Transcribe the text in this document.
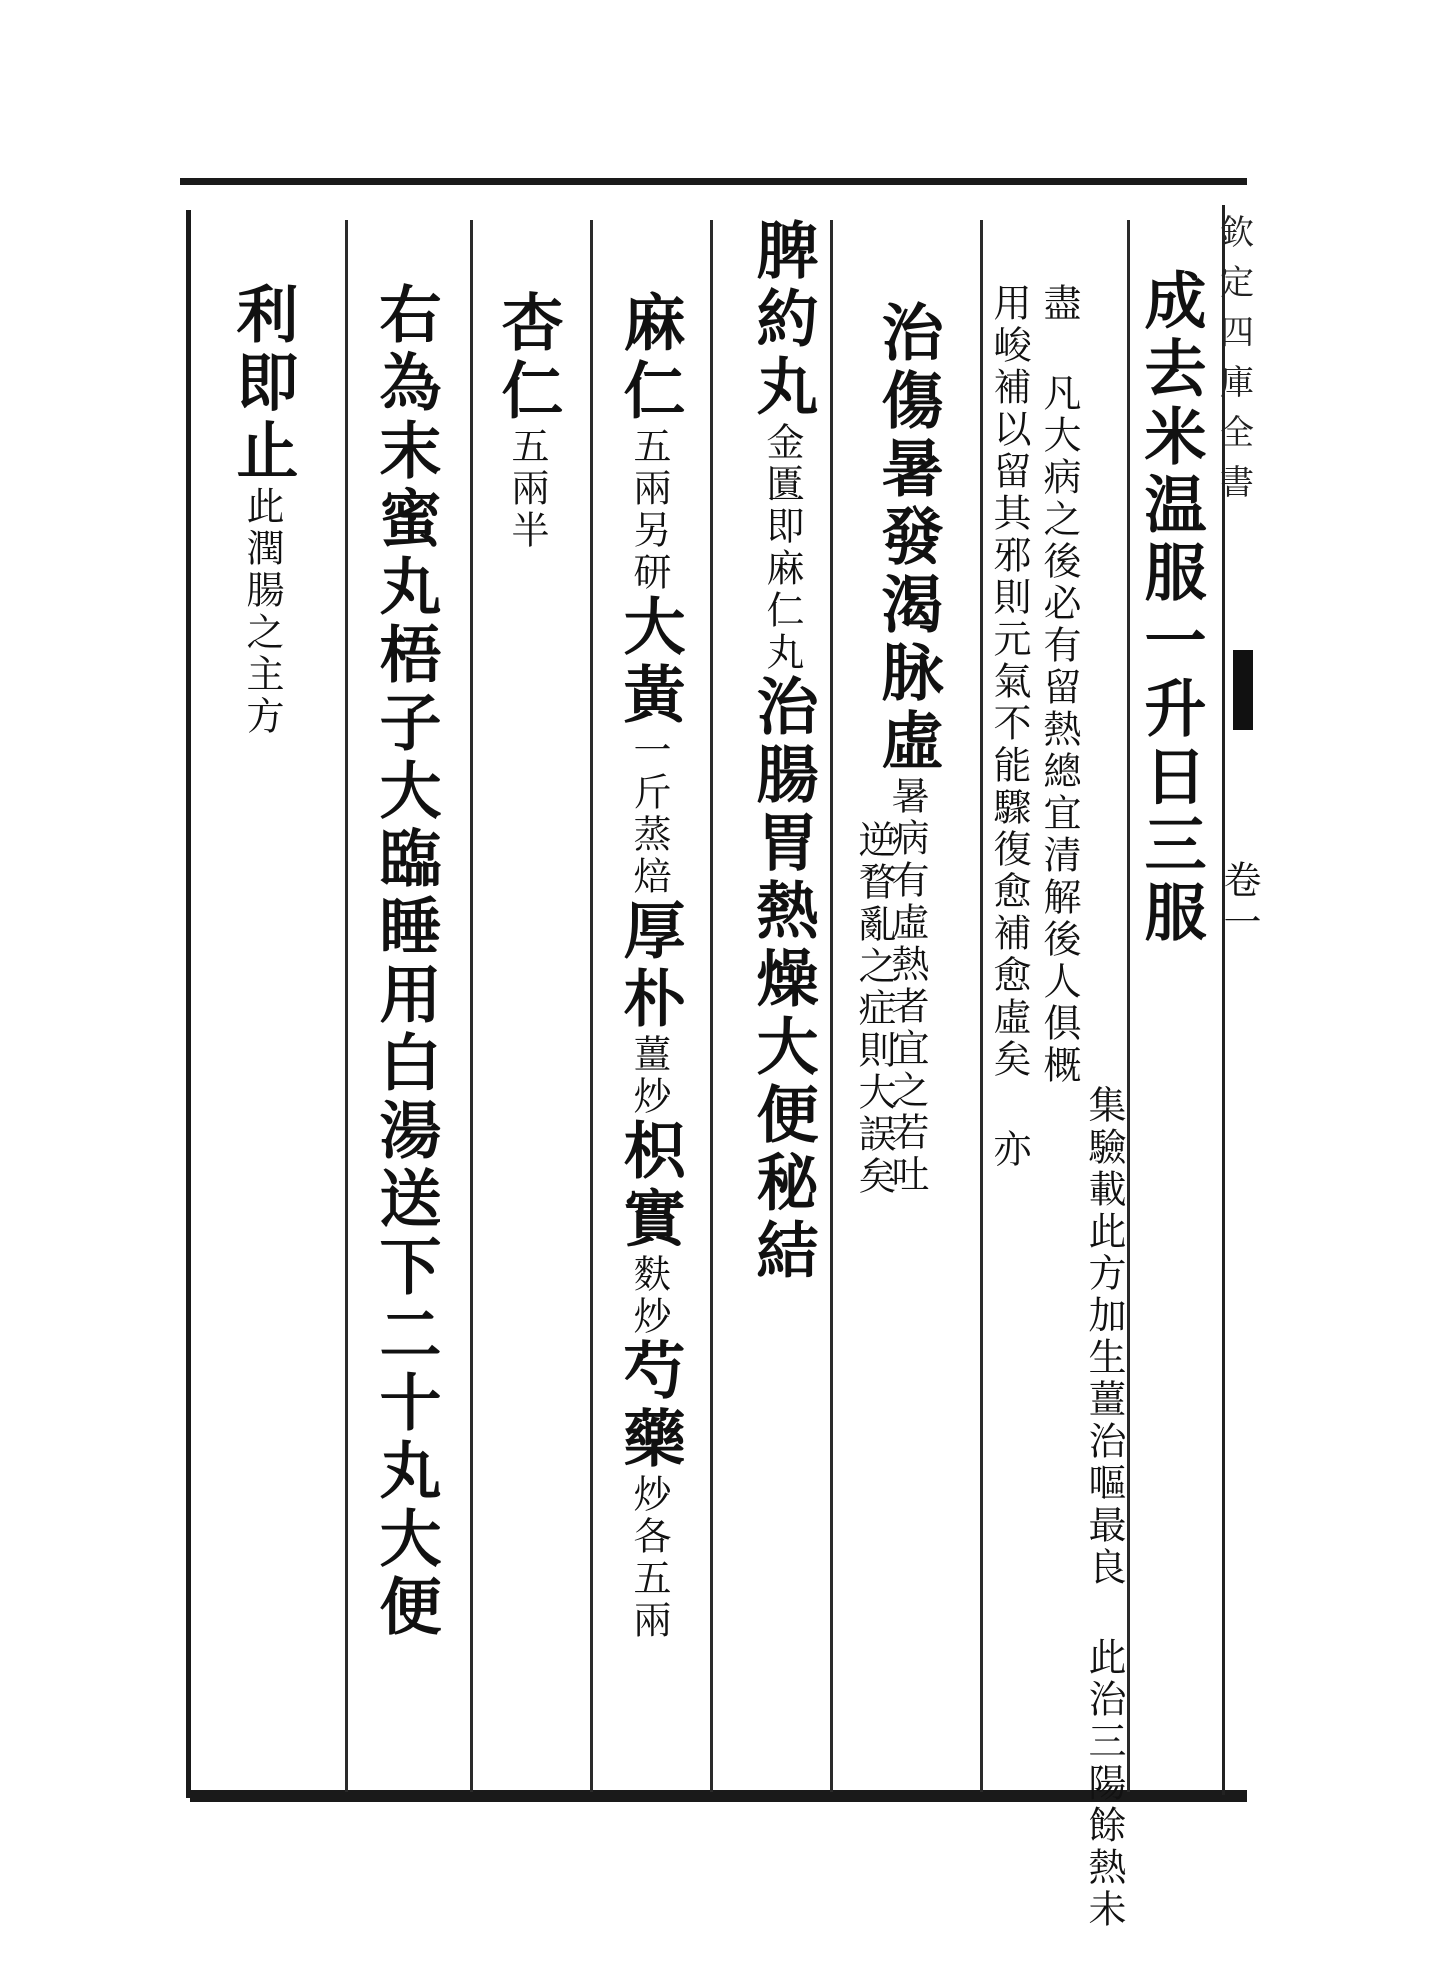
欽
定
四
庫
全
書
卷一
成去米温服一升日三服
集驗載此方加生薑治嘔最良 此治三陽餘熱未
盡 凡大病之後必有留熱總宜清解後人俱概
用峻補以留其邪則元氣不能驟復愈補愈虛矣 亦
治傷暑發渴脉虛暑病有虛熱者宜之若吐
逆瞀亂之症則大誤矣
脾約丸金匱即麻仁丸治腸胃熱燥大便秘結
麻仁五兩另研大黃一斤蒸焙厚朴薑炒枳實麩炒芍藥炒各五兩
杏仁五兩半
右為末蜜丸梧子大臨睡用白湯送下二十丸大便
利即止此潤腸之主方
